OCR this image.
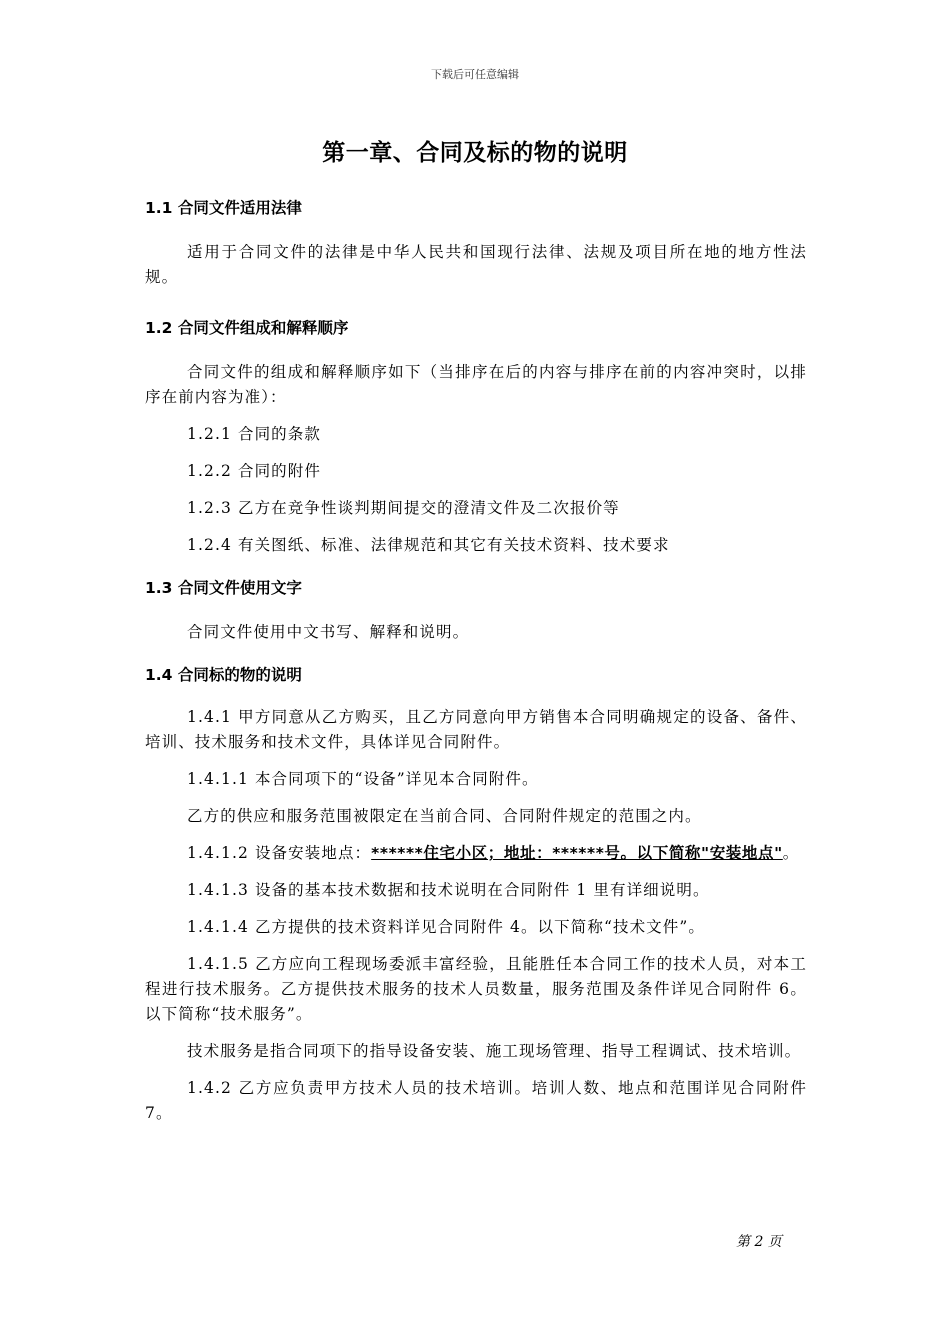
下载后可任意编辑
第一章、合同及标的物的说明

1.1 合同文件适用法律

适用于合同文件的法律是中华人民共和国现行法律、法规及项目所在地的地方性法规。

1.2 合同文件组成和解释顺序

合同文件的组成和解释顺序如下（当排序在后的内容与排序在前的内容冲突时，以排序在前内容为准）：

1.2.1 合同的条款

1.2.2 合同的附件

1.2.3 乙方在竞争性谈判期间提交的澄清文件及二次报价等

1.2.4 有关图纸、标准、法律规范和其它有关技术资料、技术要求

1.3 合同文件使用文字

合同文件使用中文书写、解释和说明。

1.4 合同标的物的说明

1.4.1 甲方同意从乙方购买，且乙方同意向甲方销售本合同明确规定的设备、备件、培训、技术服务和技术文件，具体详见合同附件。

1.4.1.1 本合同项下的“设备”详见本合同附件。

乙方的供应和服务范围被限定在当前合同、合同附件规定的范围之内。

1.4.1.2 设备安装地点：******住宅小区；地址：******号。以下简称"安装地点"。

1.4.1.3 设备的基本技术数据和技术说明在合同附件 1 里有详细说明。

1.4.1.4 乙方提供的技术资料详见合同附件 4。以下简称“技术文件”。

1.4.1.5 乙方应向工程现场委派丰富经验，且能胜任本合同工作的技术人员，对本工程进行技术服务。乙方提供技术服务的技术人员数量，服务范围及条件详见合同附件 6。以下简称“技术服务”。

技术服务是指合同项下的指导设备安装、施工现场管理、指导工程调试、技术培训。

1.4.2 乙方应负责甲方技术人员的技术培训。培训人数、地点和范围详见合同附件 7。

第 2 页
